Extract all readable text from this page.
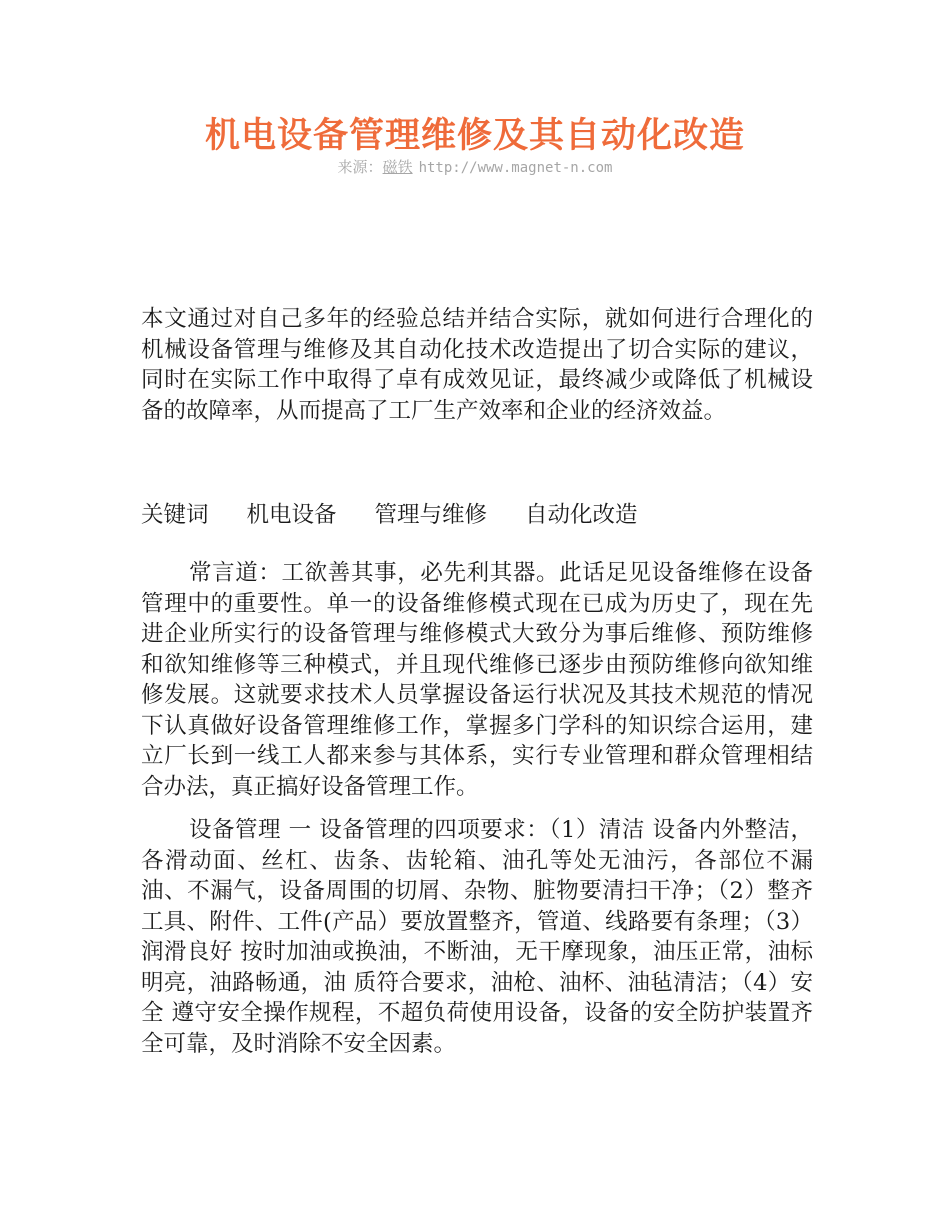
机电设备管理维修及其自动化改造
来源：磁铁 http://www.magnet-n.com

本文通过对自己多年的经验总结并结合实际，就如何进行合理化的机械设备管理与维修及其自动化技术改造提出了切合实际的建议，同时在实际工作中取得了卓有成效见证，最终减少或降低了机械设备的故障率，从而提高了工厂生产效率和企业的经济效益。

关键词 机电设备 管理与维修 自动化改造

常言道：工欲善其事，必先利其器。此话足见设备维修在设备管理中的重要性。单一的设备维修模式现在已成为历史了，现在先进企业所实行的设备管理与维修模式大致分为事后维修、预防维修和欲知维修等三种模式，并且现代维修已逐步由预防维修向欲知维修发展。这就要求技术人员掌握设备运行状况及其技术规范的情况下认真做好设备管理维修工作，掌握多门学科的知识综合运用，建立厂长到一线工人都来参与其体系，实行专业管理和群众管理相结合办法，真正搞好设备管理工作。

设备管理 一 设备管理的四项要求：（1）清洁 设备内外整洁，各滑动面、丝杠、齿条、齿轮箱、油孔等处无油污，各部位不漏油、不漏气，设备周围的切屑、杂物、脏物要清扫干净；（2）整齐 工具、附件、工件(产品）要放置整齐，管道、线路要有条理；（3）润滑良好 按时加油或换油，不断油，无干摩现象，油压正常，油标明亮，油路畅通，油 质符合要求，油枪、油杯、油毡清洁；（4）安全 遵守安全操作规程，不超负荷使用设备，设备的安全防护装置齐全可靠，及时消除不安全因素。
